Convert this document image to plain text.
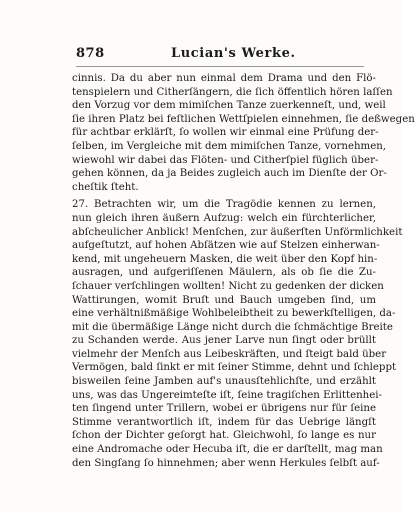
878	Lucian's Werke.
cinnis. Da du aber nun einmal dem Drama und den Flö-
tenspielern und Citherſängern, die ſich öffentlich hören laſſen
den Vorzug vor dem mimiſchen Tanze zuerkenneſt, und, weil
ſie ihren Platz bei feſtlichen Wettſpielen einnehmen, ſie deßwegen
für achtbar erklärſt, ſo wollen wir einmal eine Prüfung der-
ſelben, im Vergleiche mit dem mimiſchen Tanze, vornehmen,
wiewohl wir dabei das Flöten- und Citherſpiel füglich über-
gehen können, da ja Beides zugleich auch im Dienſte der Or-
cheſtik ſteht.
27. Betrachten wir, um die Tragödie kennen zu lernen,
nun gleich ihren äußern Aufzug: welch ein fürchterlicher,
abſcheulicher Anblick! Menſchen, zur äußerſten Unförmlichkeit
aufgeſtutzt, auf hohen Abſätzen wie auf Stelzen einherwan-
kend, mit ungeheuern Masken, die weit über den Kopf hin-
ausragen, und aufgeriſſenen Mäulern, als ob ſie die Zu-
ſchauer verſchlingen wollten! Nicht zu gedenken der dicken
Wattirungen, womit Bruſt und Bauch umgeben ſind, um
eine verhältnißmäßige Wohlbeleibtheit zu bewerkſtelligen, da-
mit die übermäßige Länge nicht durch die ſchmächtige Breite
zu Schanden werde. Aus jener Larve nun ſingt oder brüllt
vielmehr der Menſch aus Leibeskräften, und ſteigt bald über
Vermögen, bald ſinkt er mit ſeiner Stimme, dehnt und ſchleppt
bisweilen ſeine Jamben auf's unausſtehlichſte, und erzählt
uns, was das Ungereimteſte iſt, ſeine tragiſchen Erlittenhei-
ten ſingend unter Trillern, wobei er übrigens nur für ſeine
Stimme verantwortlich iſt, indem für das Uebrige längſt
ſchon der Dichter geſorgt hat. Gleichwohl, ſo lange es nur
eine Andromache oder Hecuba iſt, die er darſtellt, mag man
den Singſang ſo hinnehmen; aber wenn Herkules ſelbſt auf-
